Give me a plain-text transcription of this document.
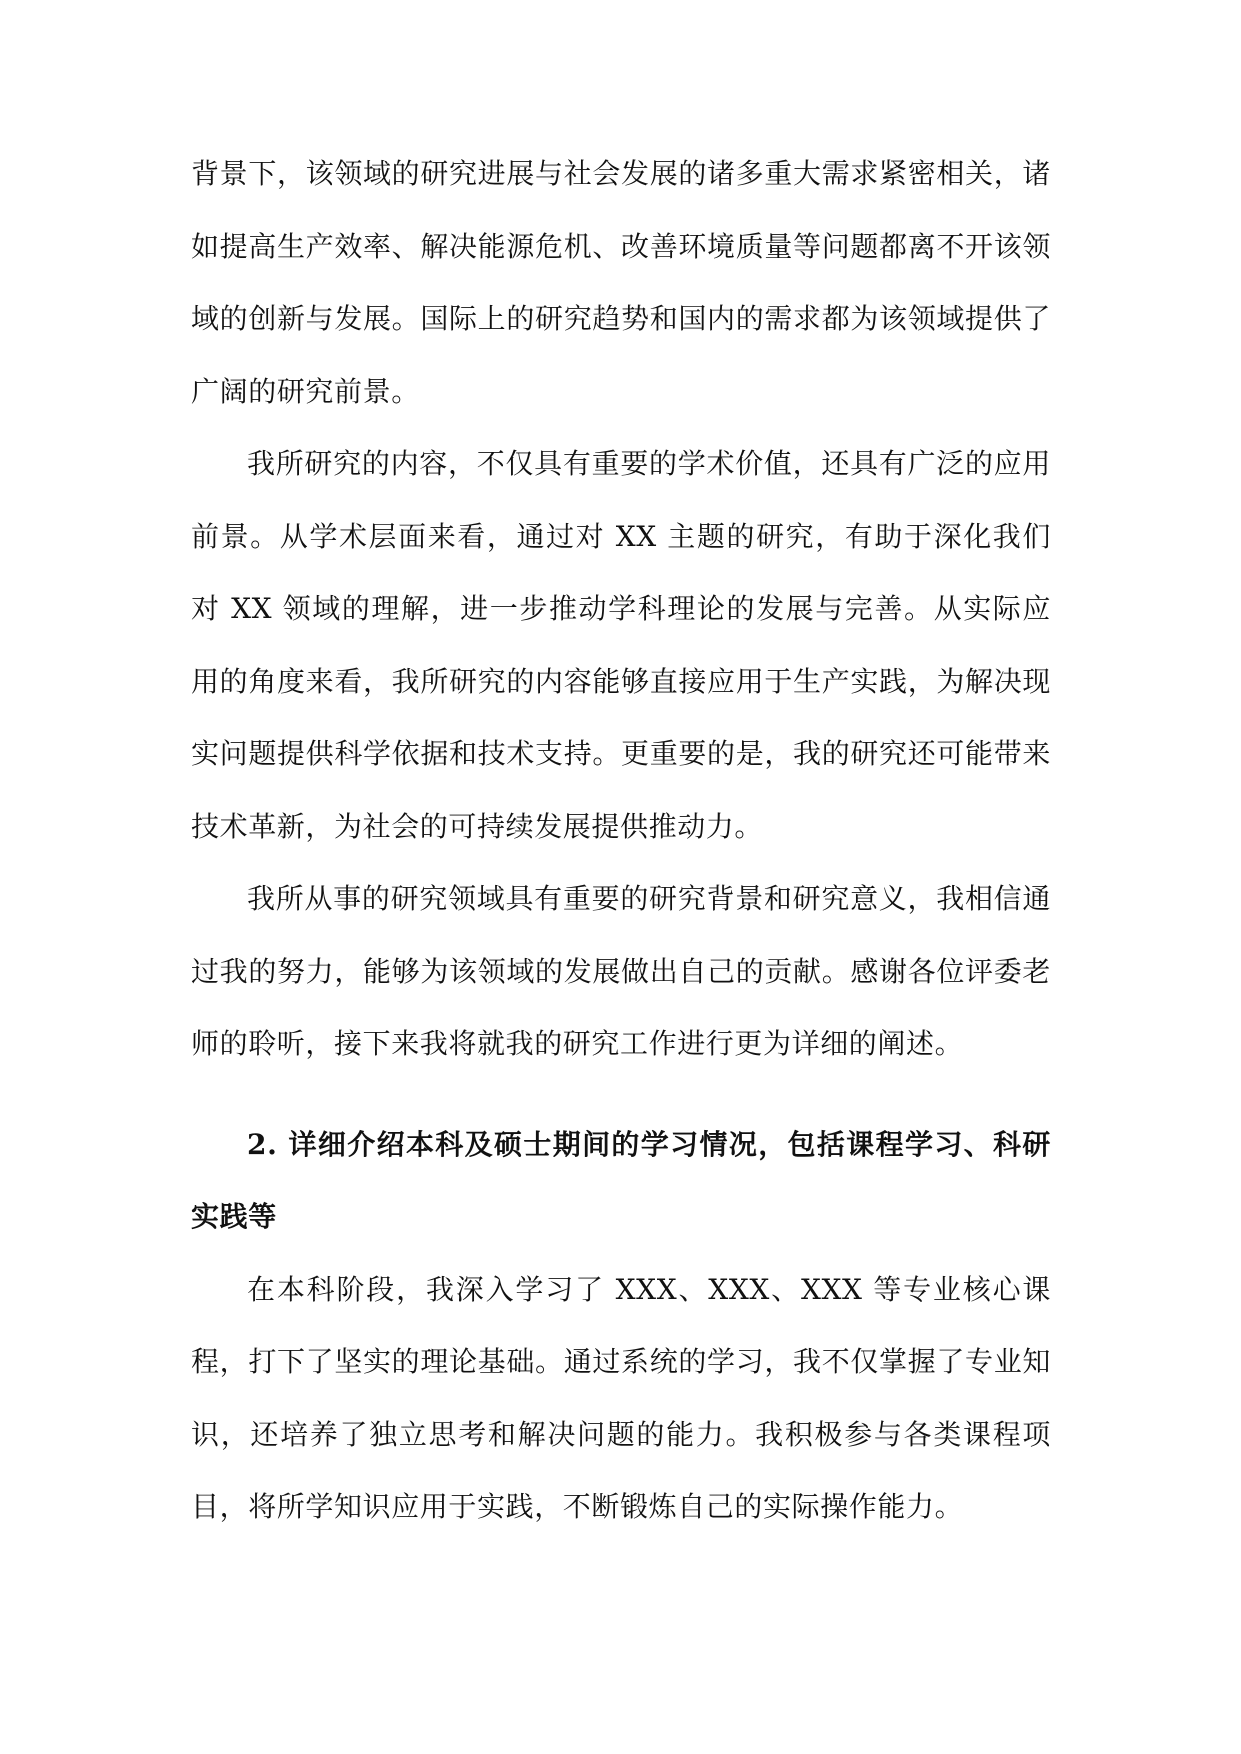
背景下，该领域的研究进展与社会发展的诸多重大需求紧密相关，诸如提高生产效率、解决能源危机、改善环境质量等问题都离不开该领域的创新与发展。国际上的研究趋势和国内的需求都为该领域提供了广阔的研究前景。

我所研究的内容，不仅具有重要的学术价值，还具有广泛的应用前景。从学术层面来看，通过对 XX 主题的研究，有助于深化我们对 XX 领域的理解，进一步推动学科理论的发展与完善。从实际应用的角度来看，我所研究的内容能够直接应用于生产实践，为解决现实问题提供科学依据和技术支持。更重要的是，我的研究还可能带来技术革新，为社会的可持续发展提供推动力。

我所从事的研究领域具有重要的研究背景和研究意义，我相信通过我的努力，能够为该领域的发展做出自己的贡献。感谢各位评委老师的聆听，接下来我将就我的研究工作进行更为详细的阐述。

2. 详细介绍本科及硕士期间的学习情况，包括课程学习、科研实践等

在本科阶段，我深入学习了 XXX、XXX、XXX 等专业核心课程，打下了坚实的理论基础。通过系统的学习，我不仅掌握了专业知识，还培养了独立思考和解决问题的能力。我积极参与各类课程项目，将所学知识应用于实践，不断锻炼自己的实际操作能力。
